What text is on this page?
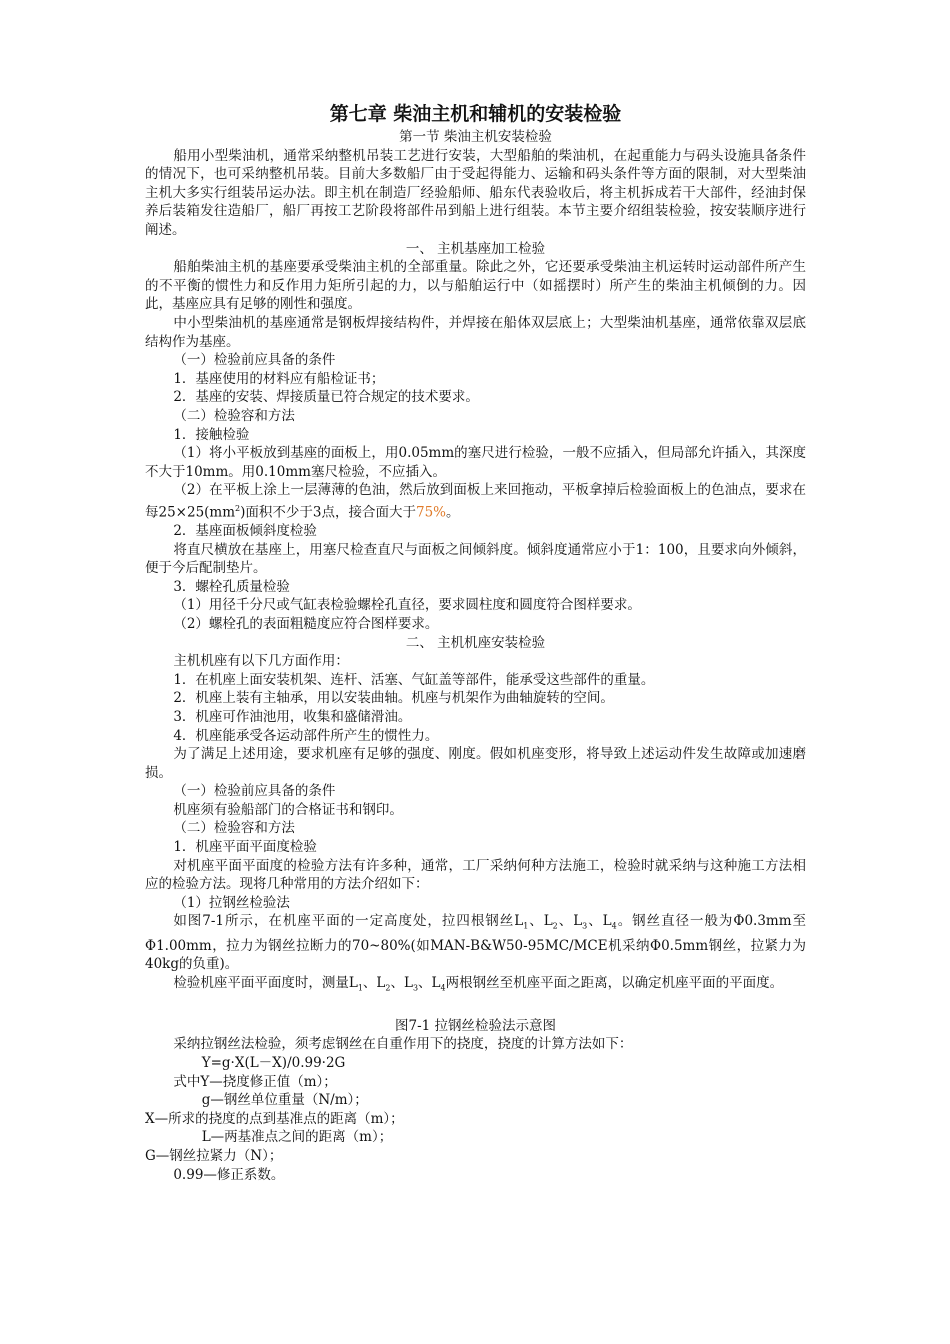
第七章 柴油主机和辅机的安装检验

第一节 柴油主机安装检验

船用小型柴油机，通常采纳整机吊装工艺进行安装，大型船舶的柴油机，在起重能力与码头设施具备条件的情况下，也可采纳整机吊装。目前大多数船厂由于受起得能力、运输和码头条件等方面的限制，对大型柴油主机大多实行组装吊运办法。即主机在制造厂经验船师、船东代表验收后，将主机拆成若干大部件，经油封保养后装箱发往造船厂，船厂再按工艺阶段将部件吊到船上进行组装。本节主要介绍组装检验，按安装顺序进行阐述。

一、 主机基座加工检验

船舶柴油主机的基座要承受柴油主机的全部重量。除此之外，它还要承受柴油主机运转时运动部件所产生的不平衡的惯性力和反作用力矩所引起的力，以与船舶运行中（如摇摆时）所产生的柴油主机倾倒的力。因此，基座应具有足够的刚性和强度。

中小型柴油机的基座通常是钢板焊接结构件，并焊接在船体双层底上；大型柴油机基座，通常依靠双层底结构作为基座。

（一）检验前应具备的条件

1．基座使用的材料应有船检证书；

2．基座的安装、焊接质量已符合规定的技术要求。

（二）检验容和方法

1．接触检验

（1）将小平板放到基座的面板上，用0.05mm的塞尺进行检验，一般不应插入，但局部允许插入，其深度不大于10mm。用0.10mm塞尺检验，不应插入。

（2）在平板上涂上一层薄薄的色油，然后放到面板上来回拖动，平板拿掉后检验面板上的色油点，要求在每$25\times 25(mm^2)$面积不少于3点，接合面大于75%。

2．基座面板倾斜度检验

将直尺横放在基座上，用塞尺检查直尺与面板之间倾斜度。倾斜度通常应小于1：100，且要求向外倾斜，便于今后配制垫片。

3．螺栓孔质量检验

（1）用径千分尺或气缸表检验螺栓孔直径，要求圆柱度和圆度符合图样要求。

（2）螺栓孔的表面粗糙度应符合图样要求。

二、 主机机座安装检验

主机机座有以下几方面作用：

1．在机座上面安装机架、连杆、活塞、气缸盖等部件，能承受这些部件的重量。

2．机座上装有主轴承，用以安装曲轴。机座与机架作为曲轴旋转的空间。

3．机座可作油池用，收集和盛储滑油。

4．机座能承受各运动部件所产生的惯性力。

为了满足上述用途，要求机座有足够的强度、刚度。假如机座变形，将导致上述运动件发生故障或加速磨损。

（一）检验前应具备的条件

机座须有验船部门的合格证书和钢印。

（二）检验容和方法

1．机座平面平面度检验

对机座平面平面度的检验方法有许多种，通常，工厂采纳何种方法施工，检验时就采纳与这种施工方法相应的检验方法。现将几种常用的方法介绍如下：

（1）拉钢丝检验法

如图7-1所示，在机座平面的一定高度处，拉四根钢丝$L_1$、$L_2$、$L_3$、$L_4$。钢丝直径一般为Φ0.3mm至Φ1.00mm，拉力为钢丝拉断力的70~80%(如MAN-B&W50-95MC/MCE机采纳Φ0.5mm钢丝，拉紧力为40kg的负重)。

检验机座平面平面度时，测量$L_1$、$L_2$、$L_3$、$L_4$两根钢丝至机座平面之距离，以确定机座平面的平面度。

图7-1 拉钢丝检验法示意图

采纳拉钢丝法检验，须考虑钢丝在自重作用下的挠度，挠度的计算方法如下：

Y=g·X(L－X)/0.99·2G

式中Y—挠度修正值（m）；

g—钢丝单位重量（N/m）；

X—所求的挠度的点到基准点的距离（m）；

L—两基准点之间的距离（m）；

G—钢丝拉紧力（N）；

0.99—修正系数。
